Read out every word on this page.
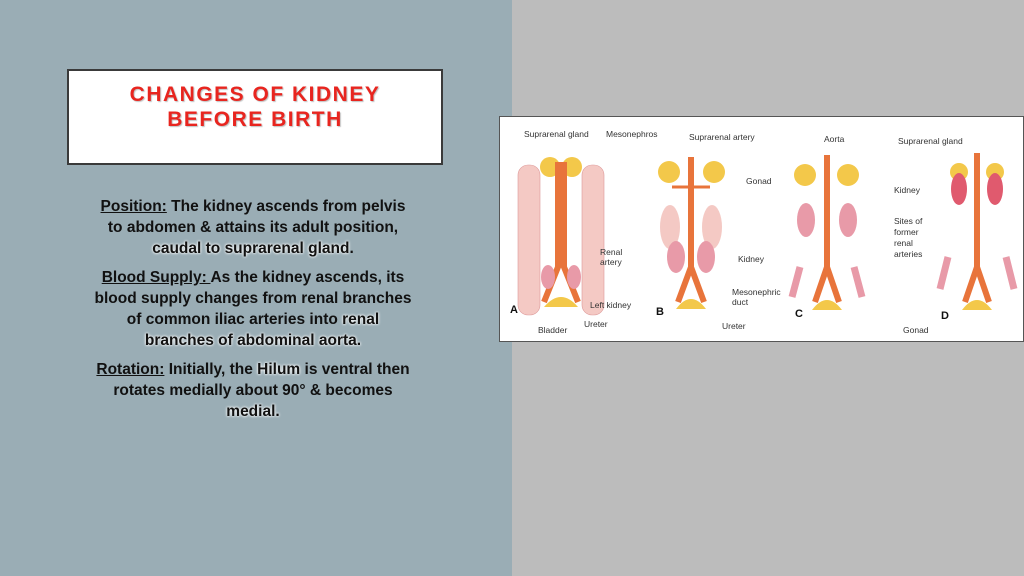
CHANGES OF KIDNEY
BEFORE BIRTH

Position: The kidney ascends from pelvis to abdomen & attains its adult position, caudal to suprarenal gland.

Blood Supply: As the kidney ascends, its blood supply changes from renal branches of common iliac arteries into renal branches of abdominal aorta.

Rotation: Initially, the Hilum is ventral then rotates medially about 90° & becomes medial.

Suprarenal gland Mesonephros	Suprarenal artery	Aorta	Suprarenal gland
Gonad
Kidney
Renal
artery	Kidney
Sites of
former
renal
arteries
Mesonephric
duct
Left kidney
Ureter	Ureter
Bladder	Gonad
A	B	C	D
